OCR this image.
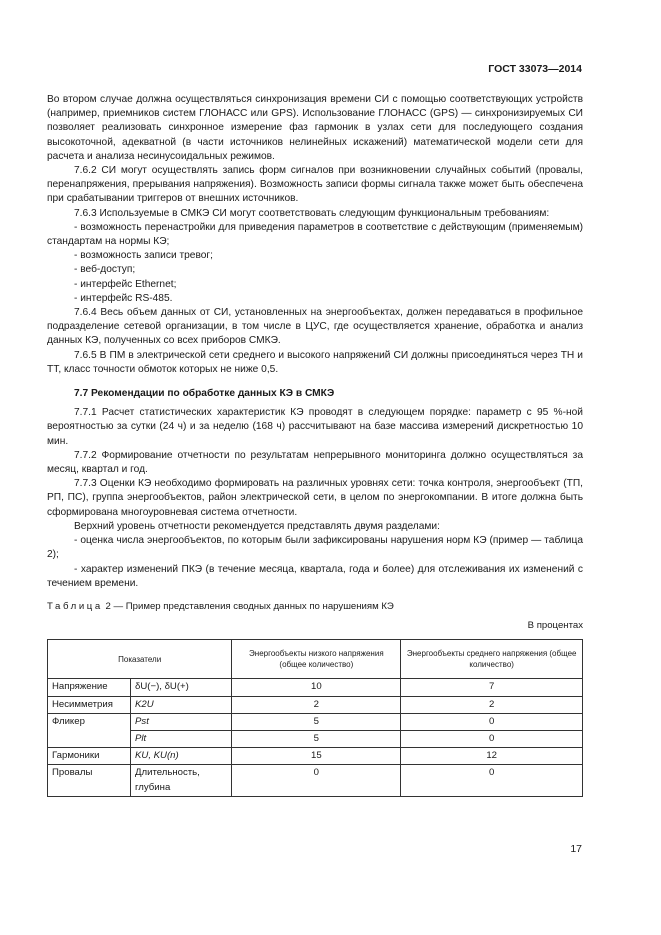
ГОСТ 33073—2014

Во втором случае должна осуществляться синхронизация времени СИ с помощью соответствующих устройств (например, приемников систем ГЛОНАСС или GPS). Использование ГЛОНАСС (GPS) — синхронизируемых СИ позволяет реализовать синхронное измерение фаз гармоник в узлах сети для последующего создания высокоточной, адекватной (в части источников нелинейных искажений) математической модели сети для расчета и анализа несинусоидальных режимов.

7.6.2 СИ могут осуществлять запись форм сигналов при возникновении случайных событий (провалы, перенапряжения, прерывания напряжения). Возможность записи формы сигнала также может быть обеспечена при срабатывании триггеров от внешних источников.

7.6.3 Используемые в СМКЭ СИ могут соответствовать следующим функциональным требованиям:

- возможность перенастройки для приведения параметров в соответствие с действующим (применяемым) стандартам на нормы КЭ;

- возможность записи тревог;

- веб-доступ;

- интерфейс Ethernet;

- интерфейс RS-485.

7.6.4 Весь объем данных от СИ, установленных на энергообъектах, должен передаваться в профильное подразделение сетевой организации, в том числе в ЦУС, где осуществляется хранение, обработка и анализ данных КЭ, полученных со всех приборов СМКЭ.

7.6.5 В ПМ в электрической сети среднего и высокого напряжений СИ должны присоединяться через ТН и ТТ, класс точности обмоток которых не ниже 0,5.

7.7 Рекомендации по обработке данных КЭ в СМКЭ

7.7.1 Расчет статистических характеристик КЭ проводят в следующем порядке: параметр с 95 %-ной вероятностью за сутки (24 ч) и за неделю (168 ч) рассчитывают на базе массива измерений дискретностью 10 мин.

7.7.2 Формирование отчетности по результатам непрерывного мониторинга должно осуществляться за месяц, квартал и год.

7.7.3 Оценки КЭ необходимо формировать на различных уровнях сети: точка контроля, энергообъект (ТП, РП, ПС), группа энергообъектов, район электрической сети, в целом по энергокомпании. В итоге должна быть сформирована многоуровневая система отчетности.

Верхний уровень отчетности рекомендуется представлять двумя разделами:

- оценка числа энергообъектов, по которым были зафиксированы нарушения норм КЭ (пример — таблица 2);

- характер изменений ПКЭ (в течение месяца, квартала, года и более) для отслеживания их изменений с течением времени.

Таблица 2 — Пример представления сводных данных по нарушениям КЭ

В процентах

Показатели		Энергообъекты низкого напряжения (общее количество)	Энергообъекты среднего напряжения (общее количество)
Напряжение	δU(−), δU(+)	10	7
Несимметрия	K2U	2	2
Фликер	Pst	5	0
	Plt	5	0
Гармоники	KU, KU(n)	15	12
Провалы	Длительность, глубина	0	0
17
